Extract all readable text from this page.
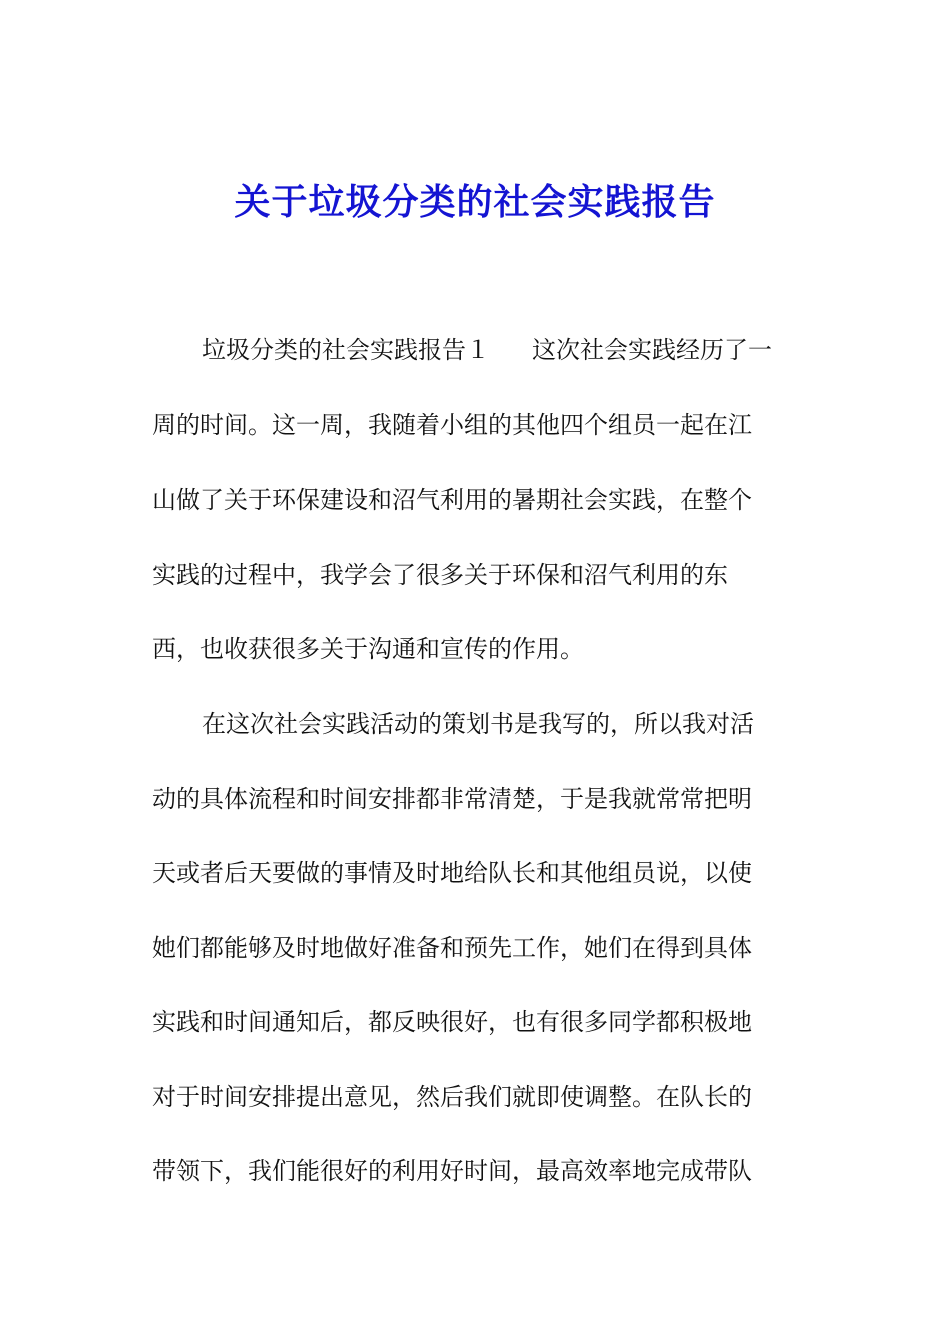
关于垃圾分类的社会实践报告

垃圾分类的社会实践报告１ 这次社会实践经历了一

周的时间。这一周，我随着小组的其他四个组员一起在江

山做了关于环保建设和沼气利用的暑期社会实践，在整个

实践的过程中，我学会了很多关于环保和沼气利用的东

西，也收获很多关于沟通和宣传的作用。

在这次社会实践活动的策划书是我写的，所以我对活

动的具体流程和时间安排都非常清楚，于是我就常常把明

天或者后天要做的事情及时地给队长和其他组员说，以使

她们都能够及时地做好准备和预先工作，她们在得到具体

实践和时间通知后，都反映很好，也有很多同学都积极地

对于时间安排提出意见，然后我们就即使调整。在队长的

带领下，我们能很好的利用好时间，最高效率地完成带队
